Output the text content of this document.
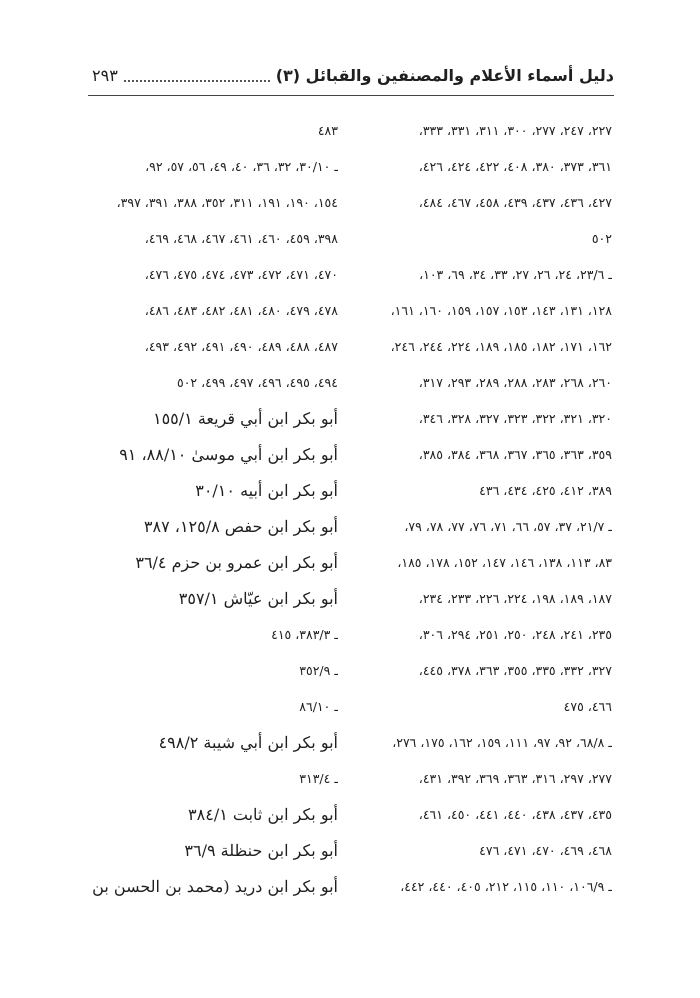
دليل أسماء الأعلام والمصنفين والقبائل (٣)
٢٩٣
٢٢٧، ٢٤٧، ٢٧٧، ٣٠٠، ٣١١، ٣٣١، ٣٣٣،
٣٦١، ٣٧٣، ٣٨٠، ٤٠٨، ٤٢٢، ٤٢٤، ٤٢٦،
٤٢٧، ٤٣٦، ٤٣٧، ٤٣٩، ٤٥٨، ٤٦٧، ٤٨٤،
٥٠٢
ـ ٢٣/٦، ٢٤، ٢٦، ٢٧، ٣٣، ٣٤، ٦٩، ١٠٣،
١٢٨، ١٣١، ١٤٣، ١٥٣، ١٥٧، ١٥٩، ١٦٠، ١٦١،
١٦٢، ١٧١، ١٨٢، ١٨٥، ١٨٩، ٢٢٤، ٢٤٤، ٢٤٦،
٢٦٠، ٢٦٨، ٢٨٣، ٢٨٨، ٢٨٩، ٢٩٣، ٣١٧،
٣٢٠، ٣٢١، ٣٢٢، ٣٢٣، ٣٢٧، ٣٢٨، ٣٤٦،
٣٥٩، ٣٦٣، ٣٦٥، ٣٦٧، ٣٦٨، ٣٨٤، ٣٨٥،
٣٨٩، ٤١٢، ٤٢٥، ٤٣٤، ٤٣٦
ـ ٢١/٧، ٣٧، ٥٧، ٦٦، ٧١، ٧٦، ٧٧، ٧٨، ٧٩،
٨٣، ١١٣، ١٣٨، ١٤٦، ١٤٧، ١٥٢، ١٧٨، ١٨٥،
١٨٧، ١٨٩، ١٩٨، ٢٢٤، ٢٢٦، ٢٣٣، ٢٣٤،
٢٣٥، ٢٤١، ٢٤٨، ٢٥٠، ٢٥١، ٢٩٤، ٣٠٦،
٣٢٧، ٣٣٢، ٣٣٥، ٣٥٥، ٣٦٣، ٣٧٨، ٤٤٥،
٤٦٦، ٤٧٥
ـ ٦٨/٨، ٩٢، ٩٧، ١١١، ١٥٩، ١٦٢، ١٧٥، ٢٧٦،
٢٧٧، ٢٩٧، ٣١٦، ٣٦٣، ٣٦٩، ٣٩٢، ٤٣١،
٤٣٥، ٤٣٧، ٤٣٨، ٤٤٠، ٤٤١، ٤٥٠، ٤٦١،
٤٦٨، ٤٦٩، ٤٧٠، ٤٧١، ٤٧٦
ـ ١٠٦/٩، ١١٠، ١١٥، ٢١٢، ٤٠٥، ٤٤٠، ٤٤٢،
٤٨٣
ـ ٣٠/١٠، ٣٢، ٣٦، ٤٠، ٤٩، ٥٦، ٥٧، ٩٢،
١٥٤، ١٩٠، ١٩١، ٣١١، ٣٥٢، ٣٨٨، ٣٩١، ٣٩٧،
٣٩٨، ٤٥٩، ٤٦٠، ٤٦١، ٤٦٧، ٤٦٨، ٤٦٩،
٤٧٠، ٤٧١، ٤٧٢، ٤٧٣، ٤٧٤، ٤٧٥، ٤٧٦،
٤٧٨، ٤٧٩، ٤٨٠، ٤٨١، ٤٨٢، ٤٨٣، ٤٨٦،
٤٨٧، ٤٨٨، ٤٨٩، ٤٩٠، ٤٩١، ٤٩٢، ٤٩٣،
٤٩٤، ٤٩٥، ٤٩٦، ٤٩٧، ٤٩٩، ٥٠٢
أبو بكر ابن أبي قريعة ١٥٥/١
أبو بكر ابن أبي موسىٰ ٨٨/١٠، ٩١
أبو بكر ابن أبيه ٣٠/١٠
أبو بكر ابن حفص ١٢٥/٨، ٣٨٧
أبو بكر ابن عمرو بن حزم ٣٦/٤
أبو بكر ابن عيّاش ٣٥٧/١
ـ ٣٨٣/٣، ٤١٥
ـ ٣٥٢/٩
ـ ٨٦/١٠
أبو بكر ابن أبي شيبة ٤٩٨/٢
ـ ٣١٣/٤
أبو بكر ابن ثابت ٣٨٤/١
أبو بكر ابن حنظلة ٣٦/٩
أبو بكر ابن دريد (محمد بن الحسن بن
